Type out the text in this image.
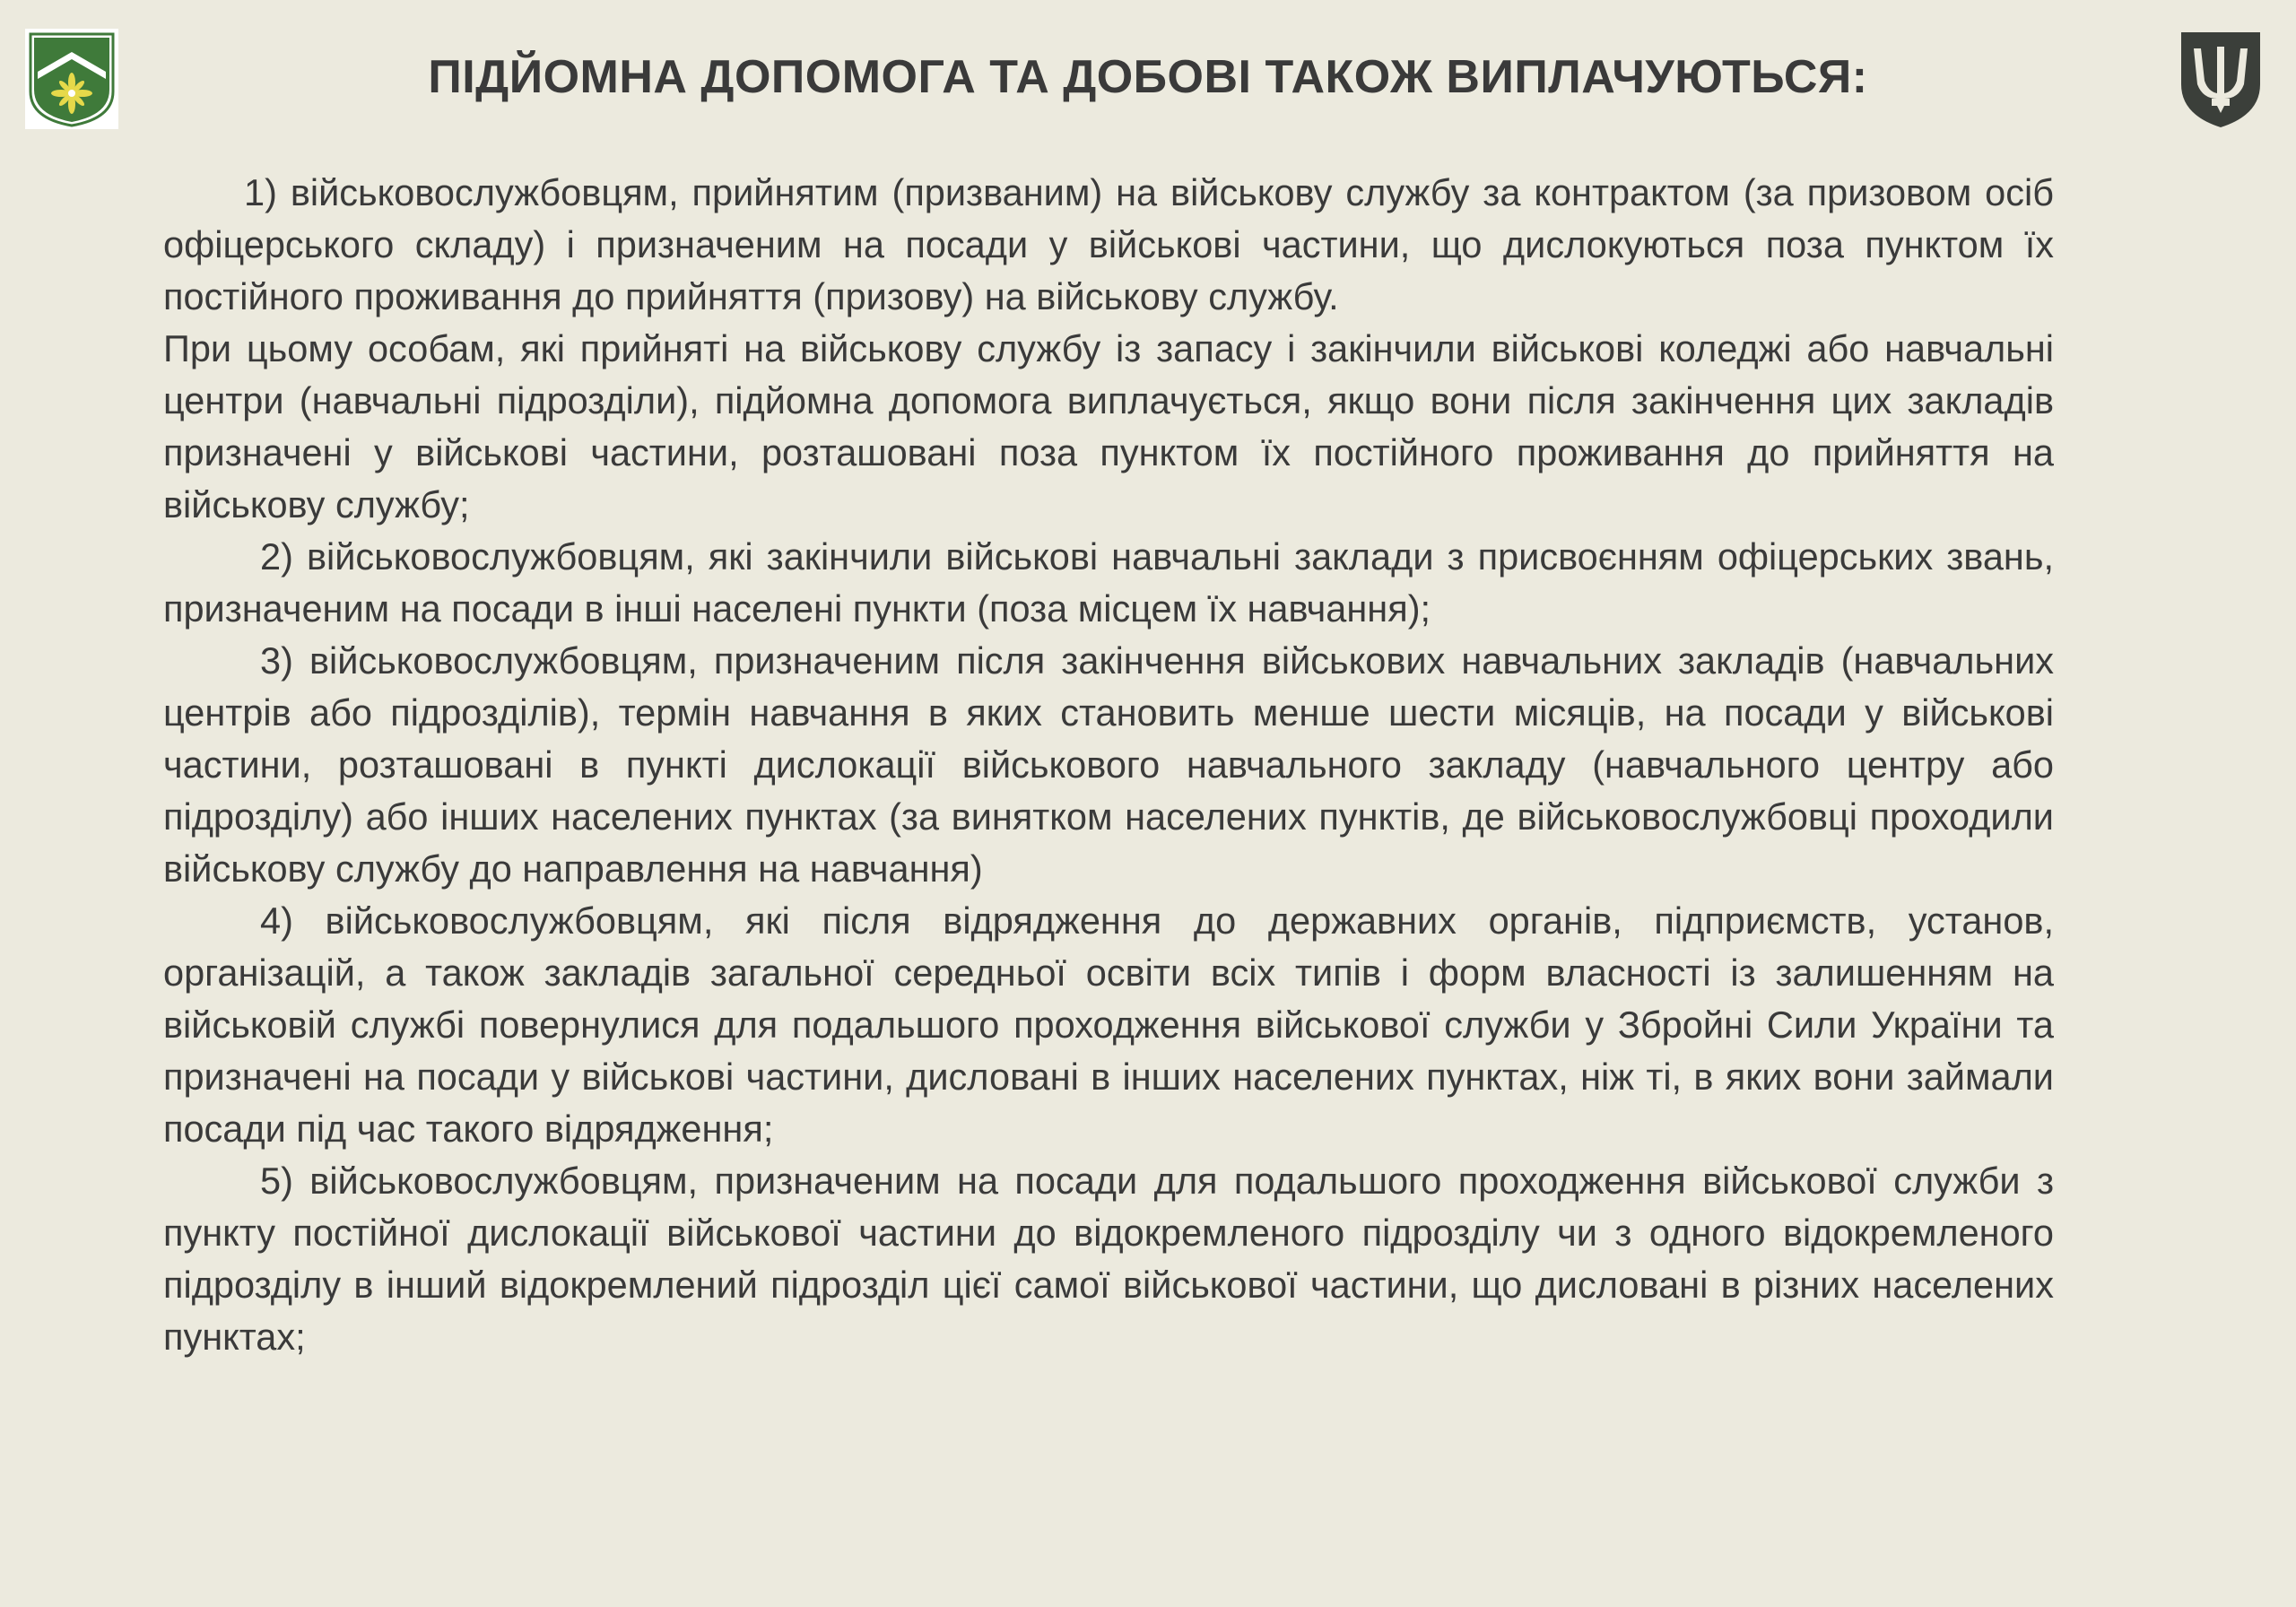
ПІДЙОМНА ДОПОМОГА ТА ДОБОВІ ТАКОЖ ВИПЛАЧУЮТЬСЯ:

1) військовослужбовцям, прийнятим (призваним) на військову службу за контрактом (за призовом осіб офіцерського складу) і призначеним на посади у військові частини, що дислокуються поза пунктом їх постійного проживання до прийняття (призову) на військову службу.

При цьому особам, які прийняті на військову службу із запасу і закінчили військові коледжі або навчальні центри (навчальні підрозділи), підйомна допомога виплачується, якщо вони після закінчення цих закладів призначені у військові частини, розташовані поза пунктом їх постійного проживання до прийняття на військову службу;

2) військовослужбовцям, які закінчили військові навчальні заклади з присвоєнням офіцерських звань, призначеним на посади в інші населені пункти (поза місцем їх навчання);

3) військовослужбовцям, призначеним після закінчення військових навчальних закладів (навчальних центрів або підрозділів), термін навчання в яких становить менше шести місяців, на посади у військові частини, розташовані в пункті дислокації військового навчального закладу (навчального центру або підрозділу) або інших населених пунктах (за винятком населених пунктів, де військовослужбовці проходили військову службу до направлення на навчання)

4) військовослужбовцям, які після відрядження до державних органів, підприємств, установ, організацій, а також закладів загальної середньої освіти всіх типів і форм власності із залишенням на військовій службі повернулися для подальшого проходження військової служби у Збройні Сили України та призначені на посади у військові частини, дисловані в інших населених пунктах, ніж ті, в яких вони займали посади під час такого відрядження;

5) військовослужбовцям, призначеним на посади для подальшого проходження військової служби з пункту постійної дислокації військової частини до відокремленого підрозділу чи з одного відокремленого підрозділу в інший відокремлений підрозділ цієї самої військової частини, що дисловані в різних населених пунктах;
